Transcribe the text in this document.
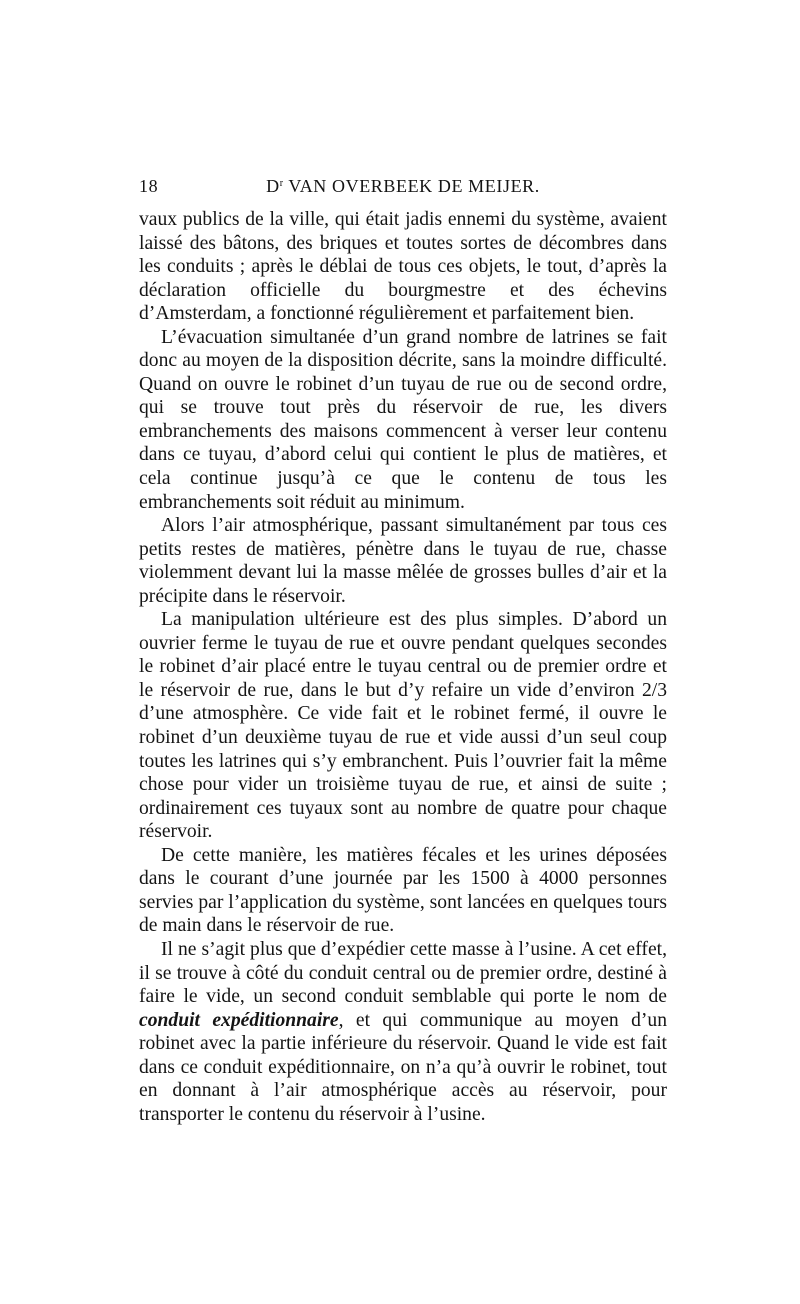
18	$D^r$ VAN OVERBEEK DE MEIJER.

vaux publics de la ville, qui était jadis ennemi du système, avaient laissé des bâtons, des briques et toutes sortes de décombres dans les conduits ; après le déblai de tous ces objets, le tout, d’après la déclaration officielle du bourgmestre et des échevins d’Amsterdam, a fonctionné régulièrement et parfaitement bien.

L’évacuation simultanée d’un grand nombre de latrines se fait donc au moyen de la disposition décrite, sans la moindre difficulté. Quand on ouvre le robinet d’un tuyau de rue ou de second ordre, qui se trouve tout près du réservoir de rue, les divers embranchements des maisons commencent à verser leur contenu dans ce tuyau, d’abord celui qui contient le plus de matières, et cela continue jusqu’à ce que le contenu de tous les embranchements soit réduit au minimum.

Alors l’air atmosphérique, passant simultanément par tous ces petits restes de matières, pénètre dans le tuyau de rue, chasse violemment devant lui la masse mêlée de grosses bulles d’air et la précipite dans le réservoir.

La manipulation ultérieure est des plus simples. D’abord un ouvrier ferme le tuyau de rue et ouvre pendant quelques secondes le robinet d’air placé entre le tuyau central ou de premier ordre et le réservoir de rue, dans le but d’y refaire un vide d’environ 2/3 d’une atmosphère. Ce vide fait et le robinet fermé, il ouvre le robinet d’un deuxième tuyau de rue et vide aussi d’un seul coup toutes les latrines qui s’y embranchent. Puis l’ouvrier fait la même chose pour vider un troisième tuyau de rue, et ainsi de suite ; ordinairement ces tuyaux sont au nombre de quatre pour chaque réservoir.

De cette manière, les matières fécales et les urines déposées dans le courant d’une journée par les 1500 à 4000 personnes servies par l’application du système, sont lancées en quelques tours de main dans le réservoir de rue.

Il ne s’agit plus que d’expédier cette masse à l’usine. A cet effet, il se trouve à côté du conduit central ou de premier ordre, destiné à faire le vide, un second conduit semblable qui porte le nom de conduit expéditionnaire, et qui communique au moyen d’un robinet avec la partie inférieure du réservoir. Quand le vide est fait dans ce conduit expéditionnaire, on n’a qu’à ouvrir le robinet, tout en donnant à l’air atmosphérique accès au réservoir, pour transporter le contenu du réservoir à l’usine.
